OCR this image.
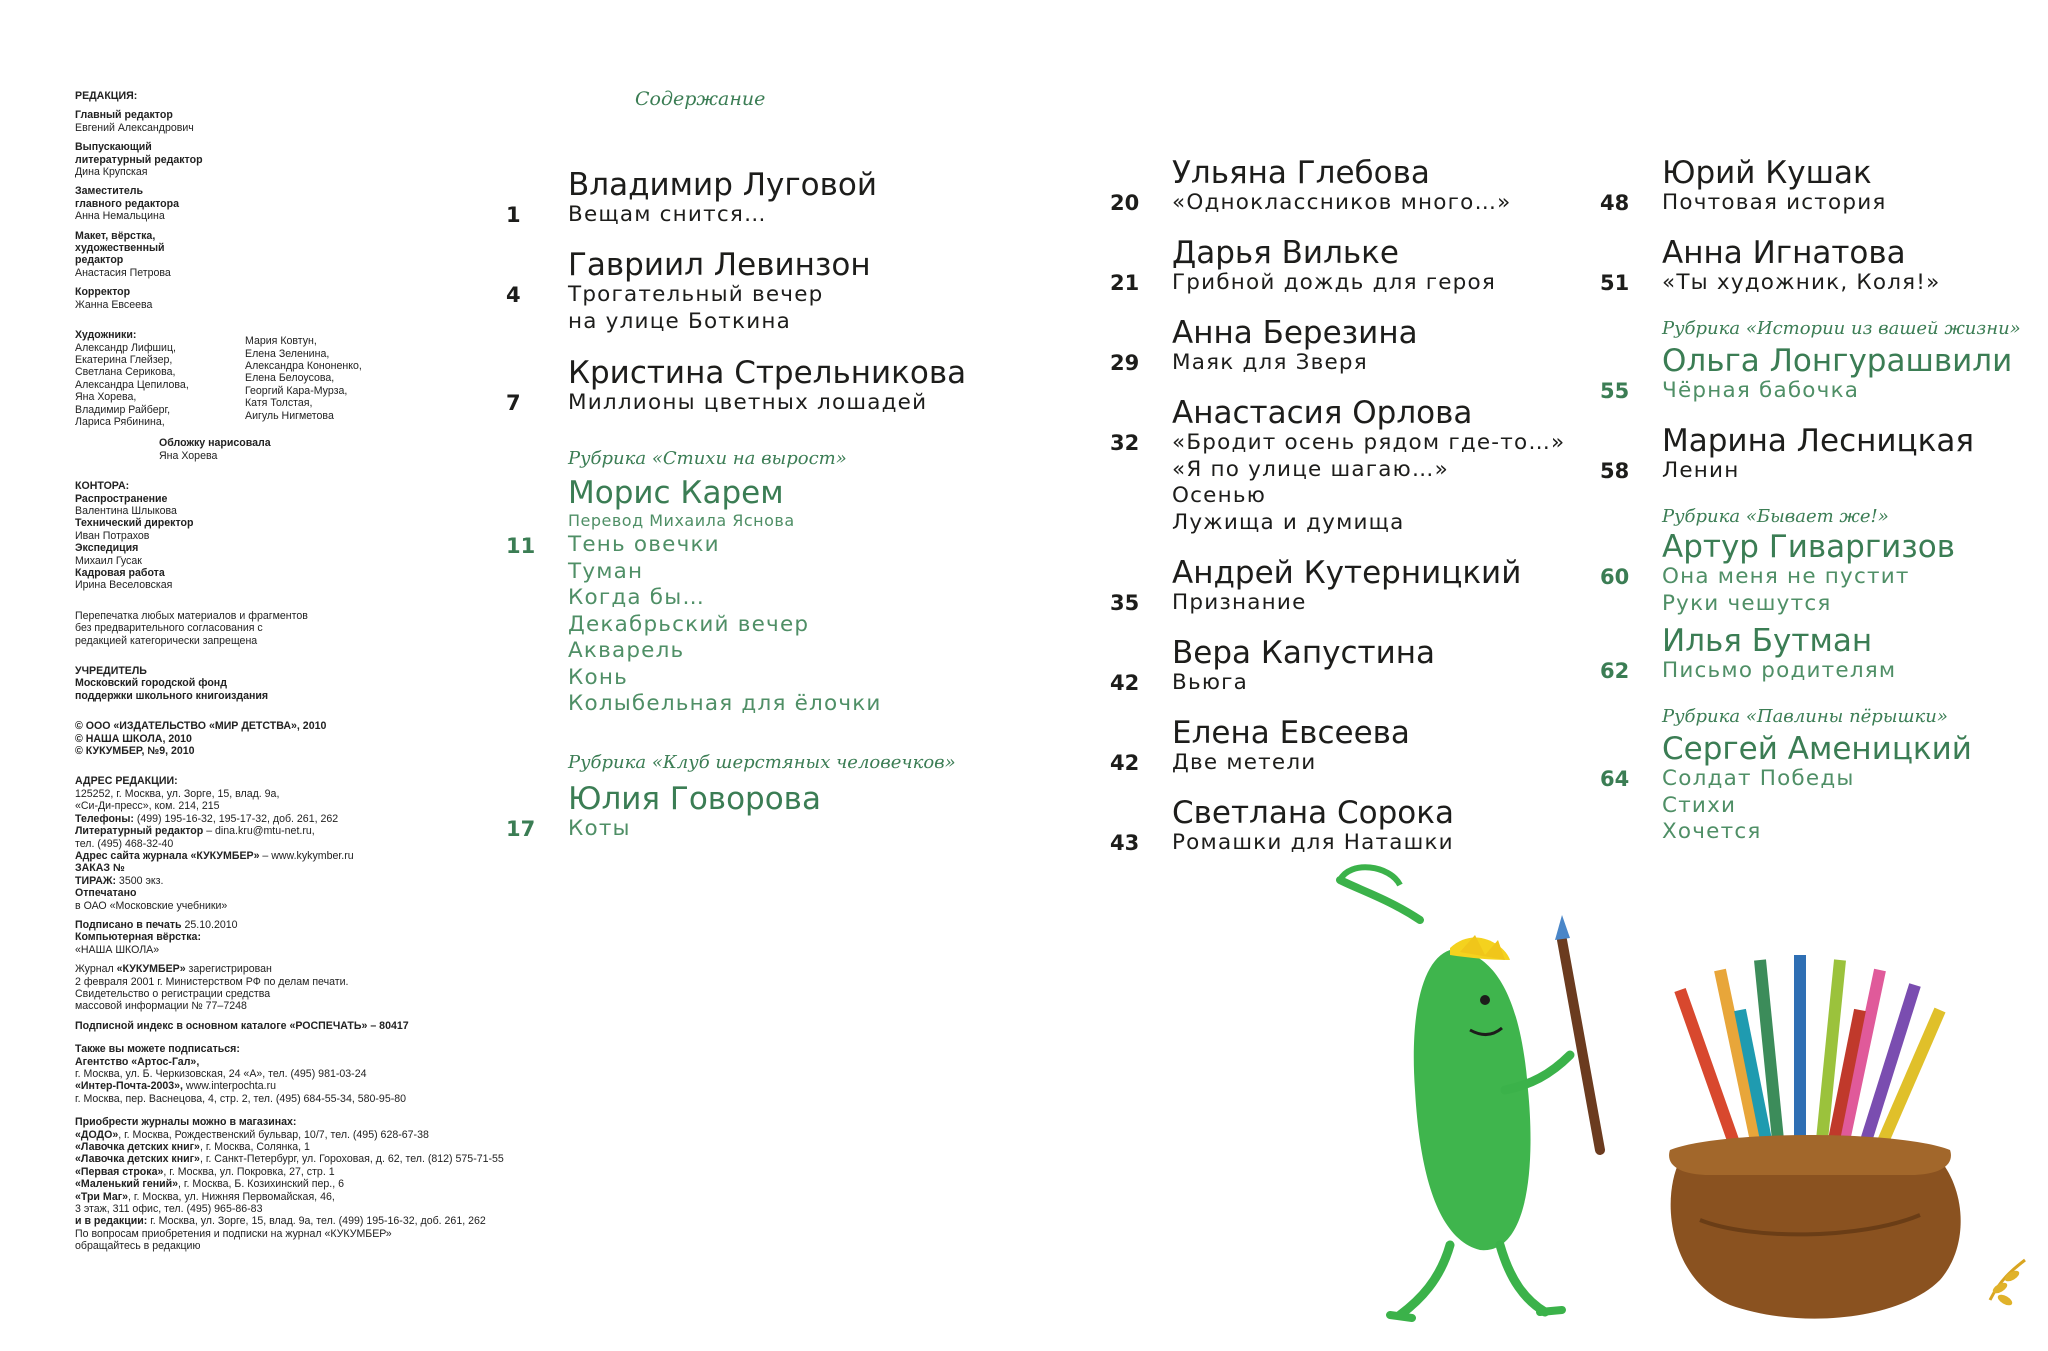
РЕДАКЦИЯ:
Главный редактор
Евгений Александрович
Выпускающий
литературный редактор
Дина Крупская
Заместитель
главного редактора
Анна Немальцина
Макет, вёрстка,
художественный
редактор
Анастасия Петрова
Корректор
Жанна Евсеева
Художники:
Александр Лифшиц,
Екатерина Глейзер,
Светлана Серикова,
Александра Цепилова,
Яна Хорева,
Владимир Райберг,
Лариса Рябинина,
Мария Ковтун,
Елена Зеленина,
Александра Кононенко,
Елена Белоусова,
Георгий Кара-Мурза,
Катя Толстая,
Аигуль Нигметова
Обложку нарисовала
Яна Хорева
КОНТОРА:
Распространение
Валентина Шлыкова
Технический директор
Иван Потрахов
Экспедиция
Михаил Гусак
Кадровая работа
Ирина Веселовская
Перепечатка любых материалов и фрагментов без предварительного согласования с редакцией категорически запрещена
УЧРЕДИТЕЛЬ
Московский городской фонд
поддержки школьного книгоиздания
© ООО «ИЗДАТЕЛЬСТВО «МИР ДЕТСТВА», 2010
© НАША ШКОЛА, 2010
© КУКУМБЕР, №9, 2010
АДРЕС РЕДАКЦИИ:
125252, г. Москва, ул. Зорге, 15, влад. 9а,
«Си-Ди-пресс», ком. 214, 215
Телефоны: (499) 195-16-32, 195-17-32, доб. 261, 262
Литературный редактор – dina.kru@mtu-net.ru,
тел. (495) 468-32-40
Адрес сайта журнала «КУКУМБЕР» – www.kykymber.ru
ЗАКАЗ №
ТИРАЖ: 3500 экз.
Отпечатано
в ОАО «Московские учебники»
Подписано в печать 25.10.2010
Компьютерная вёрстка:
«НАША ШКОЛА»
Журнал «КУКУМБЕР» зарегистрирован
2 февраля 2001 г. Министерством РФ по делам печати.
Свидетельство о регистрации средства
массовой информации № 77–7248
Подписной индекс в основном каталоге «РОСПЕЧАТЬ» – 80417
Также вы можете подписаться:
Агентство «Артос-Гал»,
г. Москва, ул. Б. Черкизовская, 24 «А», тел. (495) 981-03-24
«Интер-Почта-2003», www.interpochta.ru
г. Москва, пер. Васнецова, 4, стр. 2, тел. (495) 684-55-34, 580-95-80
Приобрести журналы можно в магазинах:
«ДОДО», г. Москва, Рождественский бульвар, 10/7, тел. (495) 628-67-38
«Лавочка детских книг», г. Москва, Солянка, 1
«Лавочка детских книг», г. Санкт-Петербург, ул. Гороховая, д. 62, тел. (812) 575-71-55
«Первая строка», г. Москва, ул. Покровка, 27, стр. 1
«Маленький гений», г. Москва, Б. Козихинский пер., 6
«Три Маг», г. Москва, ул. Нижняя Первомайская, 46,
3 этаж, 311 офис, тел. (495) 965-86-83
и в редакции: г. Москва, ул. Зорге, 15, влад. 9а, тел. (499) 195-16-32, доб. 261, 262
По вопросам приобретения и подписки на журнал «КУКУМБЕР»
обращайтесь в редакцию
Содержание
Владимир Луговой
Вещам снится…
1
Гавриил Левинзон
Трогательный вечер
на улице Боткина
4
Кристина Стрельникова
Миллионы цветных лошадей
7
Рубрика «Стихи на вырост»
Морис Карем
Перевод Михаила Яснова
Тень овечки
Туман
Когда бы…
Декабрьский вечер
Акварель
Конь
Колыбельная для ёлочки
11
Рубрика «Клуб шерстяных человечков»
Юлия Говорова
Коты
17
Ульяна Глебова
«Одноклассников много…»
20
Дарья Вильке
Грибной дождь для героя
21
Анна Березина
Маяк для Зверя
29
Анастасия Орлова
«Бродит осень рядом где-то…»
«Я по улице шагаю…»
Осенью
Лужища и думища
32
Андрей Кутерницкий
Признание
35
Вера Капустина
Вьюга
42
Елена Евсеева
Две метели
42
Светлана Сорока
Ромашки для Наташки
43
Юрий Кушак
Почтовая история
48
Анна Игнатова
«Ты художник, Коля!»
51
Рубрика «Истории из вашей жизни»
Ольга Лонгурашвили
Чёрная бабочка
55
Марина Лесницкая
Ленин
58
Рубрика «Бывает же!»
Артур Гиваргизов
Она меня не пустит
Руки чешутся
60
Илья Бутман
Письмо родителям
62
Рубрика «Павлины пёрышки»
Сергей Аменицкий
Солдат Победы
Стихи
Хочется
64
